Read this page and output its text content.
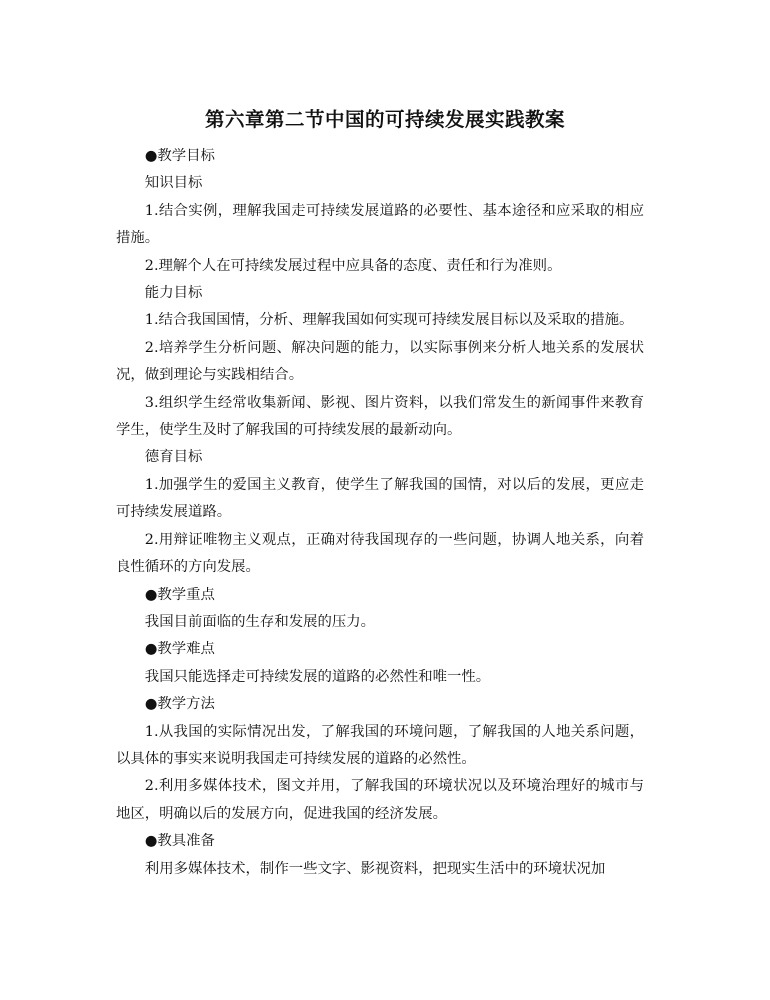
第六章第二节中国的可持续发展实践教案

●教学目标

知识目标

1.结合实例，理解我国走可持续发展道路的必要性、基本途径和应采取的相应措施。

2.理解个人在可持续发展过程中应具备的态度、责任和行为准则。

能力目标

1.结合我国国情，分析、理解我国如何实现可持续发展目标以及采取的措施。

2.培养学生分析问题、解决问题的能力，以实际事例来分析人地关系的发展状况，做到理论与实践相结合。

3.组织学生经常收集新闻、影视、图片资料，以我们常发生的新闻事件来教育学生，使学生及时了解我国的可持续发展的最新动向。

德育目标

1.加强学生的爱国主义教育，使学生了解我国的国情，对以后的发展，更应走可持续发展道路。

2.用辩证唯物主义观点，正确对待我国现存的一些问题，协调人地关系，向着良性循环的方向发展。

●教学重点

我国目前面临的生存和发展的压力。

●教学难点

我国只能选择走可持续发展的道路的必然性和唯一性。

●教学方法

1.从我国的实际情况出发，了解我国的环境问题，了解我国的人地关系问题，以具体的事实来说明我国走可持续发展的道路的必然性。

2.利用多媒体技术，图文并用，了解我国的环境状况以及环境治理好的城市与地区，明确以后的发展方向，促进我国的经济发展。

●教具准备

利用多媒体技术，制作一些文字、影视资料，把现实生活中的环境状况加
